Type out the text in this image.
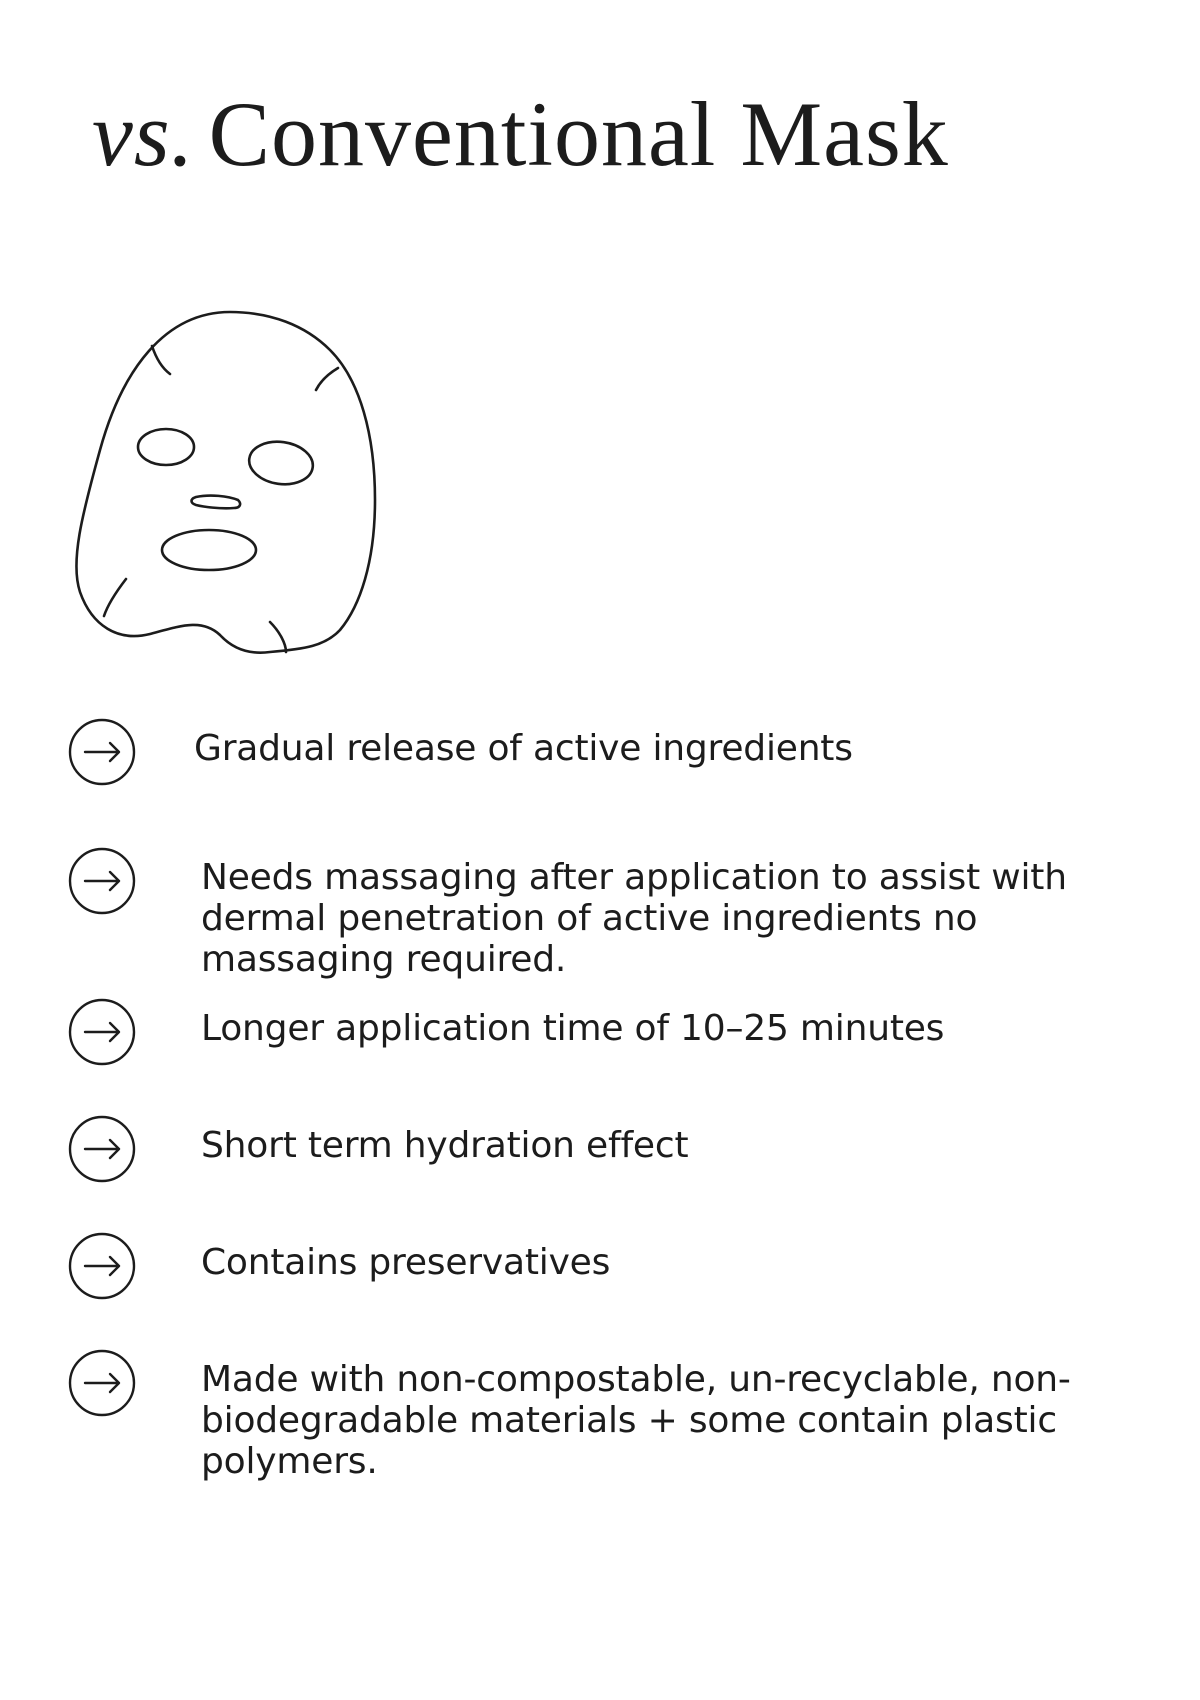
vs. Conventional Mask

Gradual release of active ingredients

Needs massaging after application to assist with dermal penetration of active ingredients no massaging required.

Longer application time of 10–25 minutes

Short term hydration effect

Contains preservatives

Made with non-compostable, un-recyclable, non-biodegradable materials + some contain plastic polymers.
